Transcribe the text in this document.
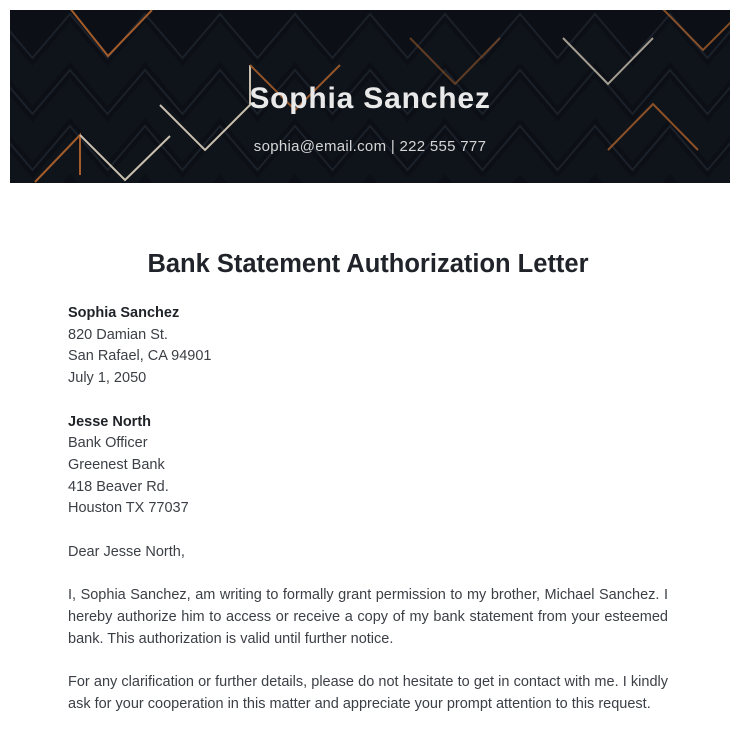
Sophia Sanchez
sophia@email.com | 222 555 777
Bank Statement Authorization Letter
Sophia Sanchez
820 Damian St.
San Rafael, CA 94901
July 1, 2050
Jesse North
Bank Officer
Greenest Bank
418 Beaver Rd.
Houston TX 77037
Dear Jesse North,

I, Sophia Sanchez, am writing to formally grant permission to my brother, Michael Sanchez. I hereby authorize him to access or receive a copy of my bank statement from your esteemed bank. This authorization is valid until further notice.

For any clarification or further details, please do not hesitate to get in contact with me. I kindly ask for your cooperation in this matter and appreciate your prompt attention to this request.
